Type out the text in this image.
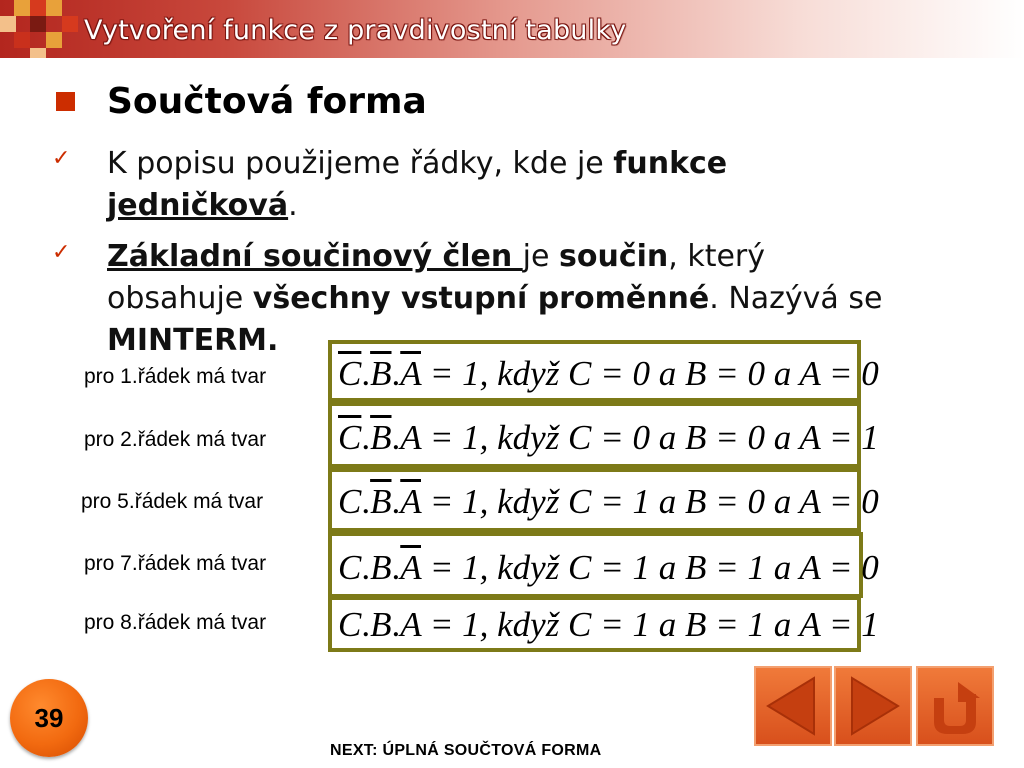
Vytvoření funkce z pravdivostní tabulky
Součtová forma
✓ K popisu použijeme řádky, kde je funkce
jedničková.
✓ Základní součinový člen je součin, který
obsahuje všechny vstupní proměnné. Nazývá se
MINTERM.
pro 1.řádek má tvar $\overline{C}.\overline{B}.\overline{A} = 1$, když C = 0 a B = 0 a A = 0
pro 2.řádek má tvar $\overline{C}.\overline{B}.A = 1$, když C = 0 a B = 0 a A = 1
pro 5.řádek má tvar $C.\overline{B}.\overline{A} = 1$, když C = 1 a B = 0 a A = 0
pro 7.řádek má tvar $C.B.\overline{A} = 1$, když C = 1 a B = 1 a A = 0
pro 8.řádek má tvar C.B.A = 1, když C = 1 a B = 1 a A = 1
39
NEXT: ÚPLNÁ SOUČTOVÁ FORMA
